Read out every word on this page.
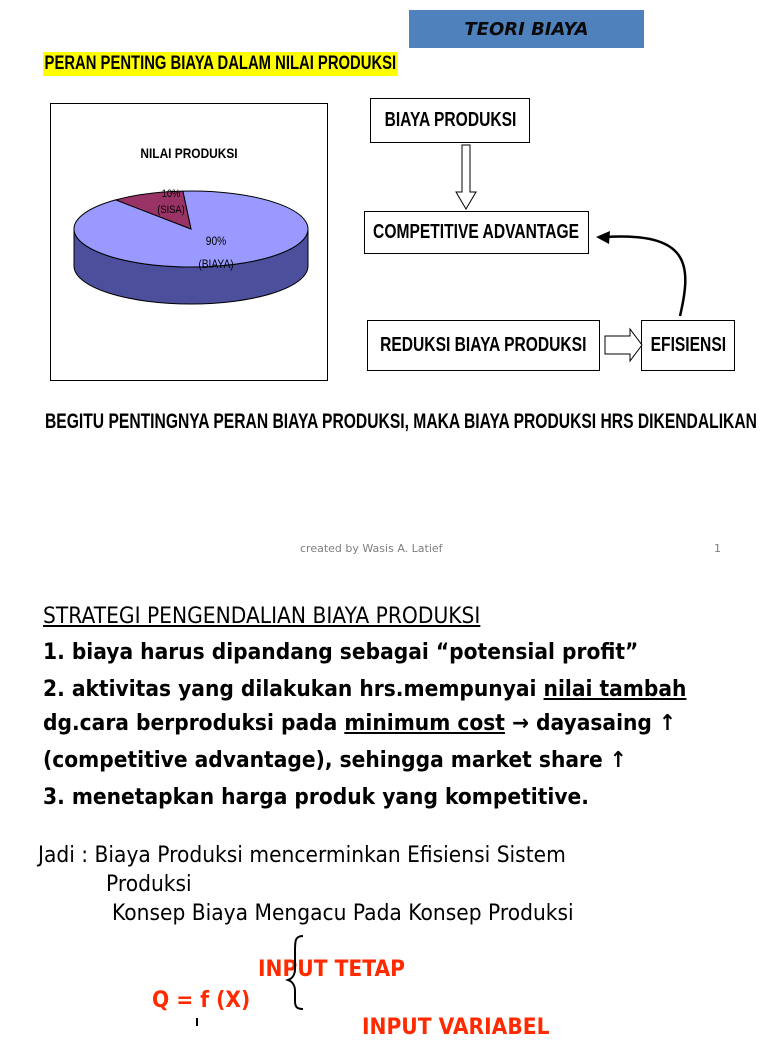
TEORI BIAYA
PERAN PENTING BIAYA DALAM NILAI PRODUKSI
NILAI PRODUKSI
10%
(SISA)
90%
(BIAYA)
BIAYA PRODUKSI
COMPETITIVE ADVANTAGE
REDUKSI BIAYA PRODUKSI	EFISIENSI
BEGITU PENTINGNYA PERAN BIAYA PRODUKSI, MAKA BIAYA PRODUKSI HRS DIKENDALIKAN
created by Wasis A. Latief	1
STRATEGI PENGENDALIAN BIAYA PRODUKSI
1. biaya harus dipandang sebagai “potensial profit”
2. aktivitas yang dilakukan hrs.mempunyai nilai tambah
dg.cara berproduksi pada minimum cost → dayasaing ↑
(competitive advantage), sehingga market share ↑
3. menetapkan harga produk yang kompetitive.
Jadi : Biaya Produksi mencerminkan Efisiensi Sistem
Produksi
Konsep Biaya Mengacu Pada Konsep Produksi
INPUT TETAP
Q = f (X)
INPUT VARIABEL
